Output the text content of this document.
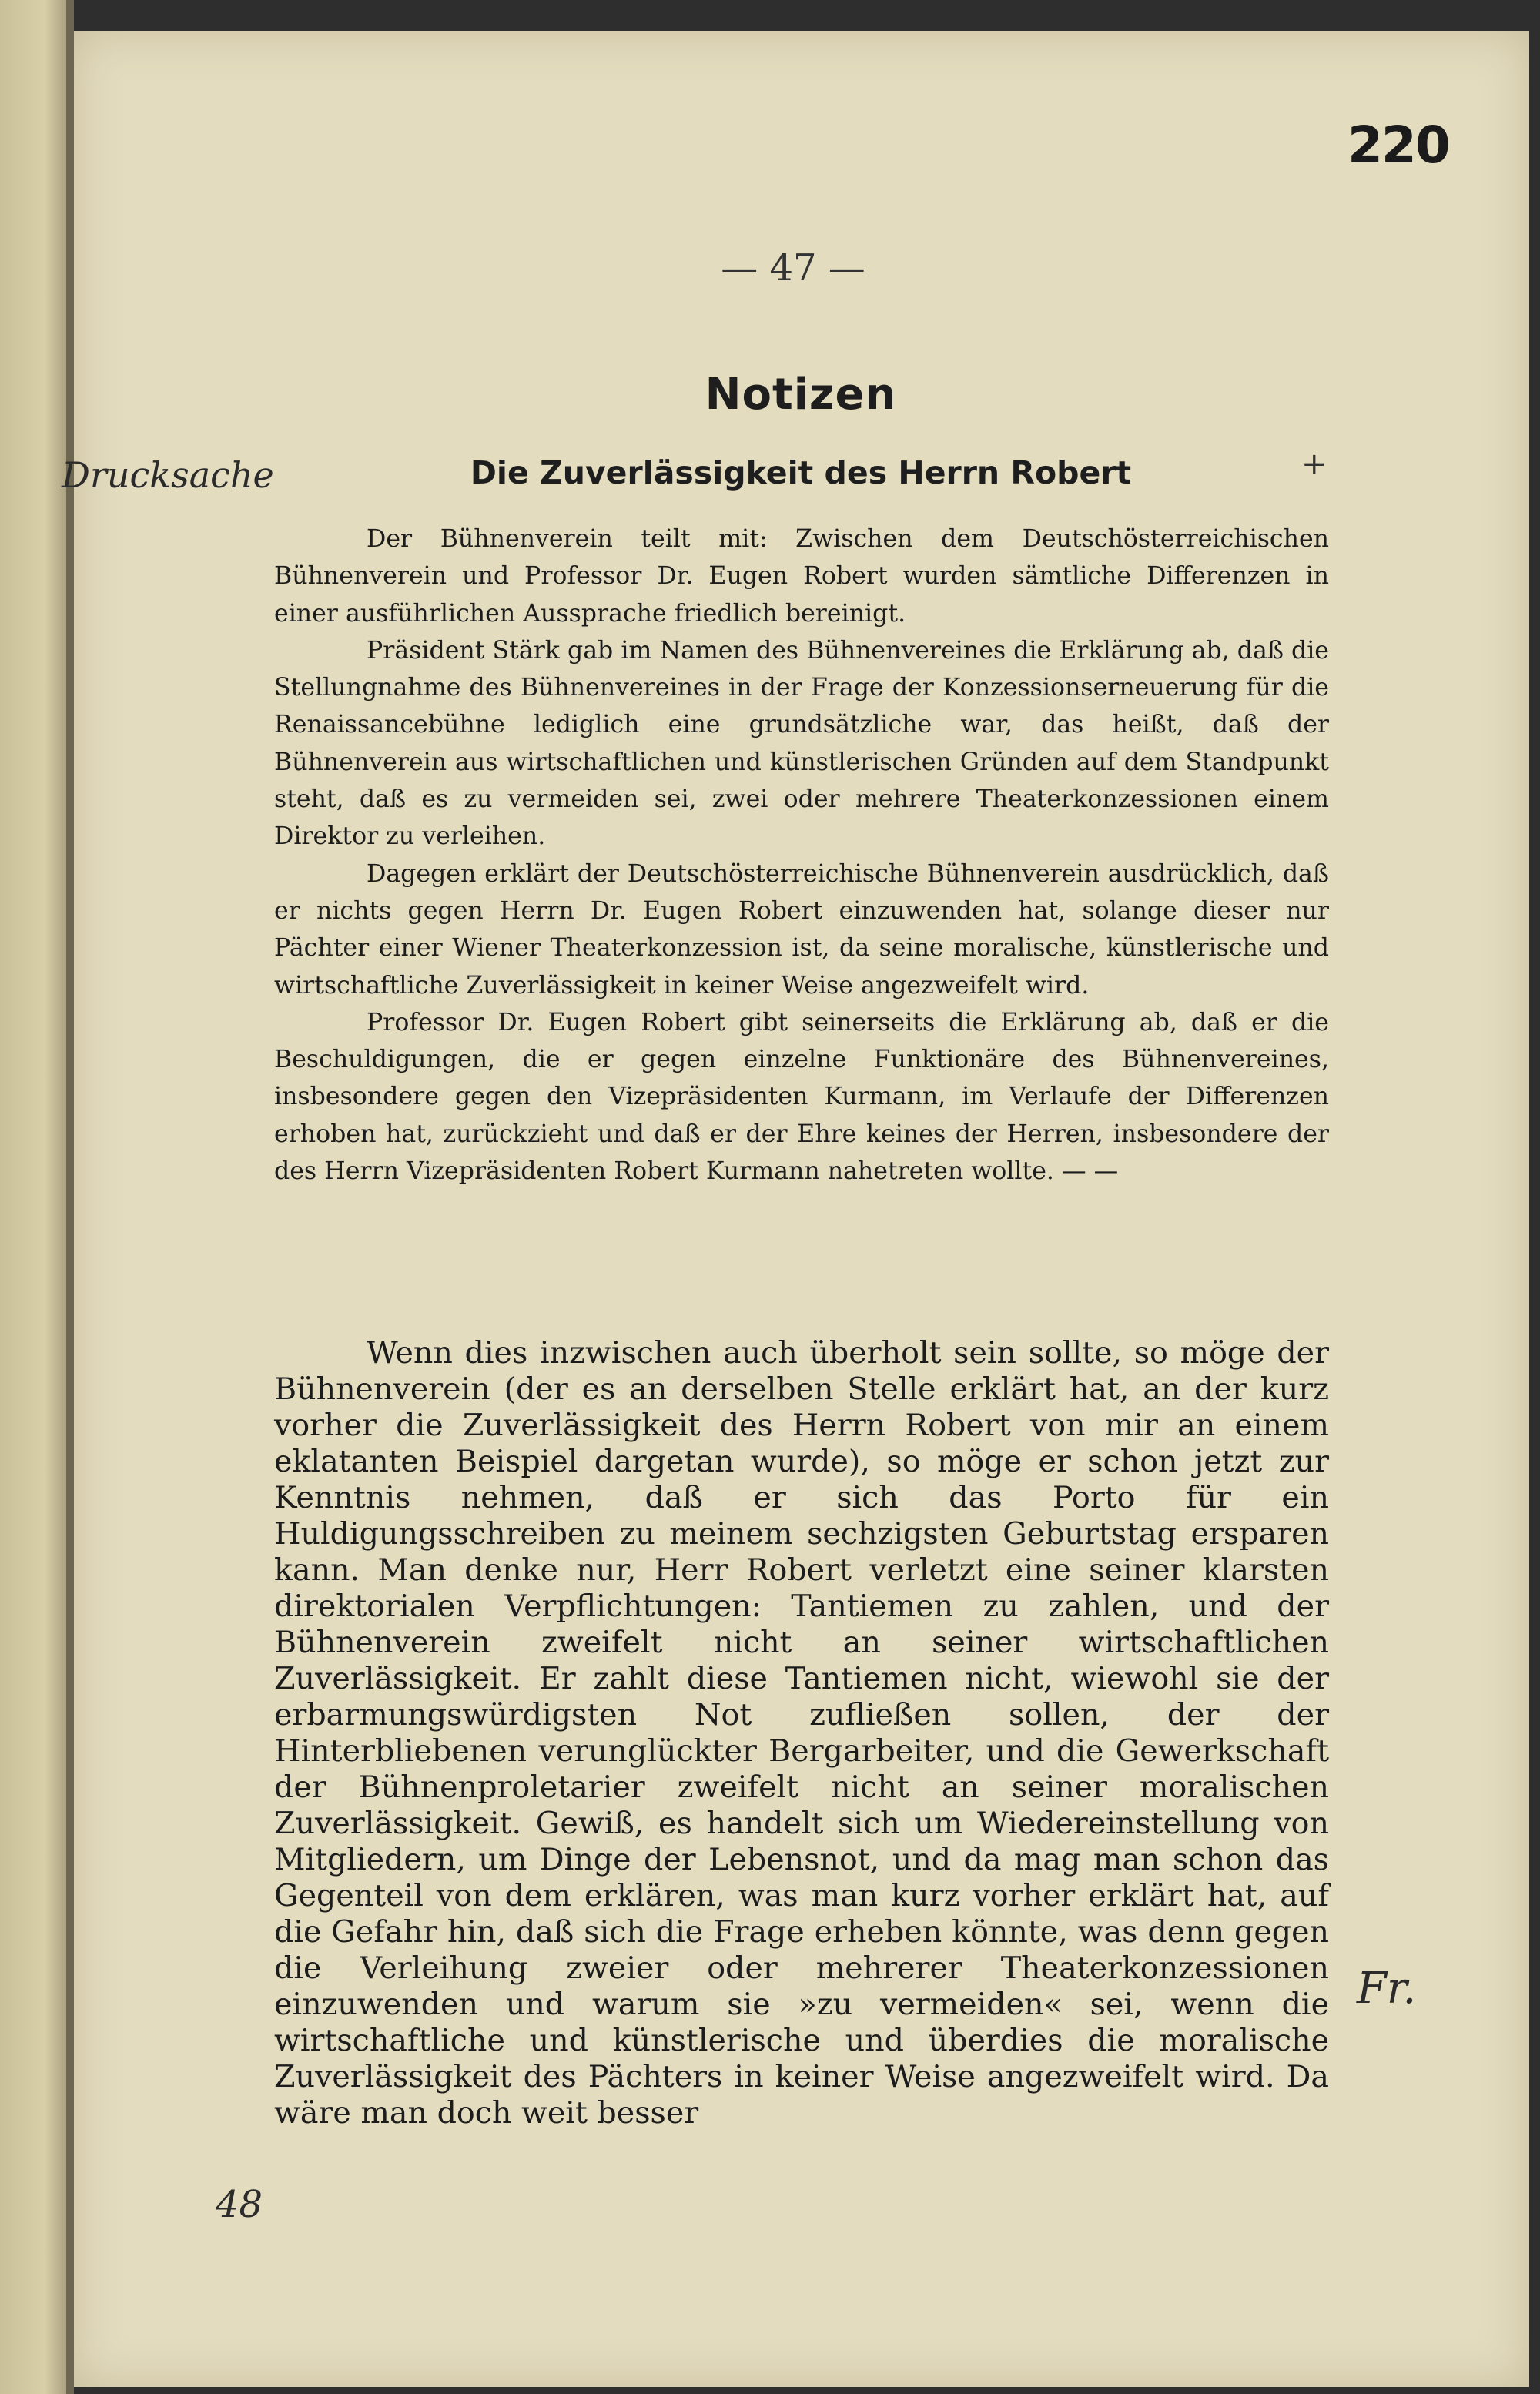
220
— 47 —
Notizen
Die Zuverlässigkeit des Herrn Robert	+

Der Bühnenverein teilt mit: Zwischen dem Deutschösterreichischen Bühnenverein und Professor Dr. Eugen Robert wurden sämtliche Differenzen in einer ausführlichen Aussprache friedlich bereinigt.

Präsident Stärk gab im Namen des Bühnenvereines die Erklärung ab, daß die Stellungnahme des Bühnenvereines in der Frage der Konzessionserneuerung für die Renaissancebühne lediglich eine grundsätzliche war, das heißt, daß der Bühnenverein aus wirtschaftlichen und künstlerischen Gründen auf dem Standpunkt steht, daß es zu vermeiden sei, zwei oder mehrere Theaterkonzessionen einem Direktor zu verleihen.

Dagegen erklärt der Deutschösterreichische Bühnenverein ausdrücklich, daß er nichts gegen Herrn Dr. Eugen Robert einzuwenden hat, solange dieser nur Pächter einer Wiener Theaterkonzession ist, da seine moralische, künstlerische und wirtschaftliche Zuverlässigkeit in keiner Weise angezweifelt wird.

Professor Dr. Eugen Robert gibt seinerseits die Erklärung ab, daß er die Beschuldigungen, die er gegen einzelne Funktionäre des Bühnenvereines, insbesondere gegen den Vizepräsidenten Kurmann, im Verlaufe der Differenzen erhoben hat, zurückzieht und daß er der Ehre keines der Herren, insbesondere der des Herrn Vizepräsidenten Robert Kurmann nahetreten wollte. — —

Wenn dies inzwischen auch überholt sein sollte, so möge der Bühnenverein (der es an derselben Stelle erklärt hat, an der kurz vorher die Zuverlässigkeit des Herrn Robert von mir an einem eklatanten Beispiel dargetan wurde), so möge er schon jetzt zur Kenntnis nehmen, daß er sich das Porto für ein Huldigungsschreiben zu meinem sechzigsten Geburtstag ersparen kann. Man denke nur, Herr Robert verletzt eine seiner klarsten direktorialen Verpflichtungen: Tantiemen zu zahlen, und der Bühnenverein zweifelt nicht an seiner wirtschaftlichen Zuverlässigkeit. Er zahlt diese Tantiemen nicht, wiewohl sie der erbarmungswürdigsten Not zufließen sollen, der der Hinterbliebenen verunglückter Bergarbeiter, und die Gewerkschaft der Bühnenproletarier zweifelt nicht an seiner moralischen Zuverlässigkeit. Gewiß, es handelt sich um Wiedereinstellung von Mitgliedern, um Dinge der Lebensnot, und da mag man schon das Gegenteil von dem erklären, was man kurz vorher erklärt hat, auf die Gefahr hin, daß sich die Frage erheben könnte, was denn gegen die Verleihung zweier oder mehrerer Theaterkonzessionen einzuwenden und warum sie »zu vermeiden« sei, wenn die wirtschaftliche und künstlerische und überdies die moralische Zuverlässigkeit des Pächters in keiner Weise angezweifelt wird. Da wäre man doch weit besser

Drucksache
48
Fr.
